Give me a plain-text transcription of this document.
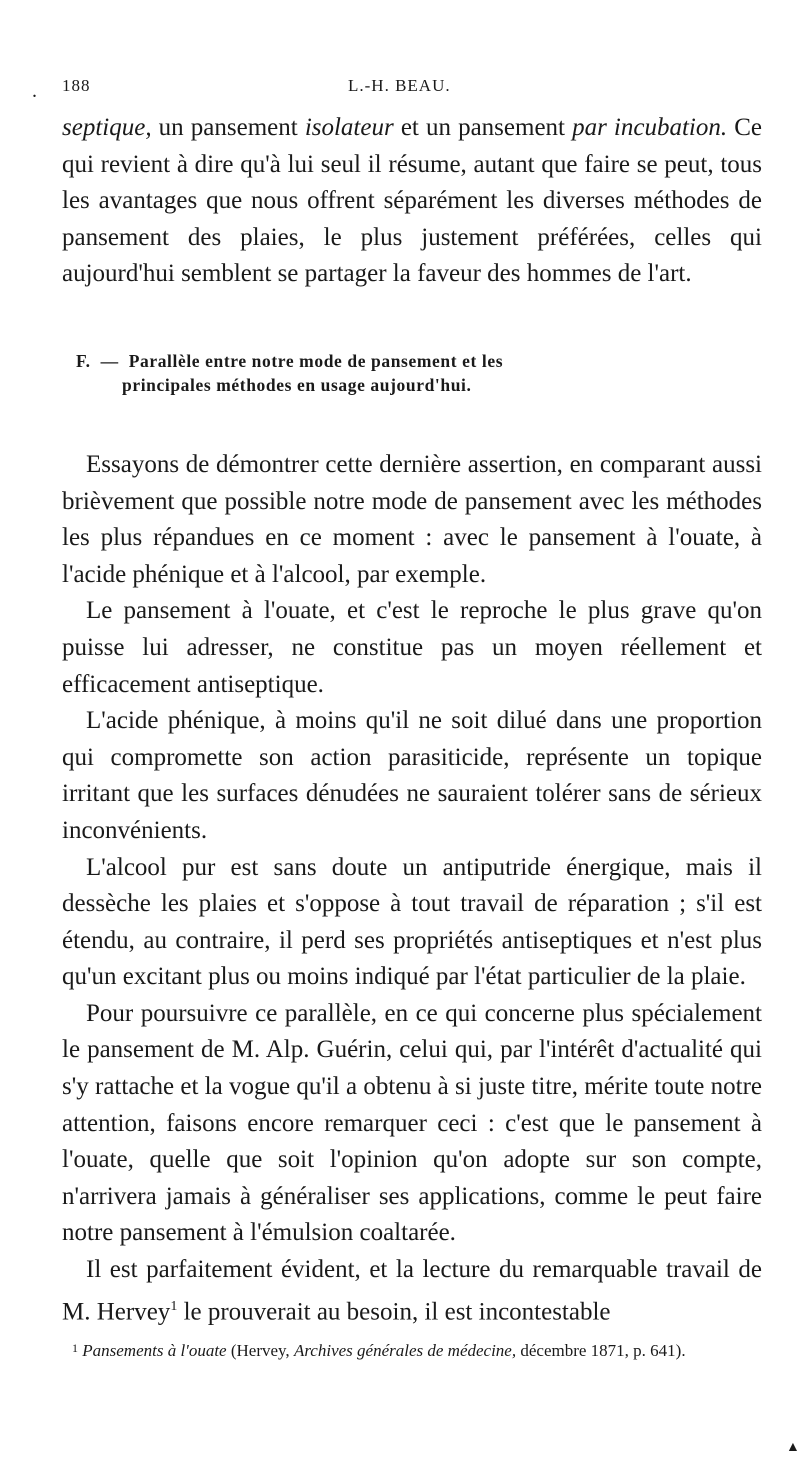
. 188	L.-H. BEAU.

septique, un pansement isolateur et un pansement par incubation. Ce qui revient à dire qu'à lui seul il résume, autant que faire se peut, tous les avantages que nous offrent séparément les diverses méthodes de pansement des plaies, le plus justement préférées, celles qui aujourd'hui semblent se partager la faveur des hommes de l'art.

F. — Parallèle entre notre mode de pansement et les
principales méthodes en usage aujourd'hui.

Essayons de démontrer cette dernière assertion, en comparant aussi brièvement que possible notre mode de pansement avec les méthodes les plus répandues en ce moment : avec le pansement à l'ouate, à l'acide phénique et à l'alcool, par exemple.

Le pansement à l'ouate, et c'est le reproche le plus grave qu'on puisse lui adresser, ne constitue pas un moyen réellement et efficacement antiseptique.

L'acide phénique, à moins qu'il ne soit dilué dans une proportion qui compromette son action parasiticide, représente un topique irritant que les surfaces dénudées ne sauraient tolérer sans de sérieux inconvénients.

L'alcool pur est sans doute un antiputride énergique, mais il dessèche les plaies et s'oppose à tout travail de réparation ; s'il est étendu, au contraire, il perd ses propriétés antiseptiques et n'est plus qu'un excitant plus ou moins indiqué par l'état particulier de la plaie.

Pour poursuivre ce parallèle, en ce qui concerne plus spécialement le pansement de M. Alp. Guérin, celui qui, par l'intérêt d'actualité qui s'y rattache et la vogue qu'il a obtenu à si juste titre, mérite toute notre attention, faisons encore remarquer ceci : c'est que le pansement à l'ouate, quelle que soit l'opinion qu'on adopte sur son compte, n'arrivera jamais à généraliser ses applications, comme le peut faire notre pansement à l'émulsion coaltarée.

Il est parfaitement évident, et la lecture du remarquable travail de M. Hervey$^1$ le prouverait au besoin, il est incontestable

$^1$ Pansements à l'ouate (Hervey, Archives générales de médecine, décembre 1871, p. 641).
▲
